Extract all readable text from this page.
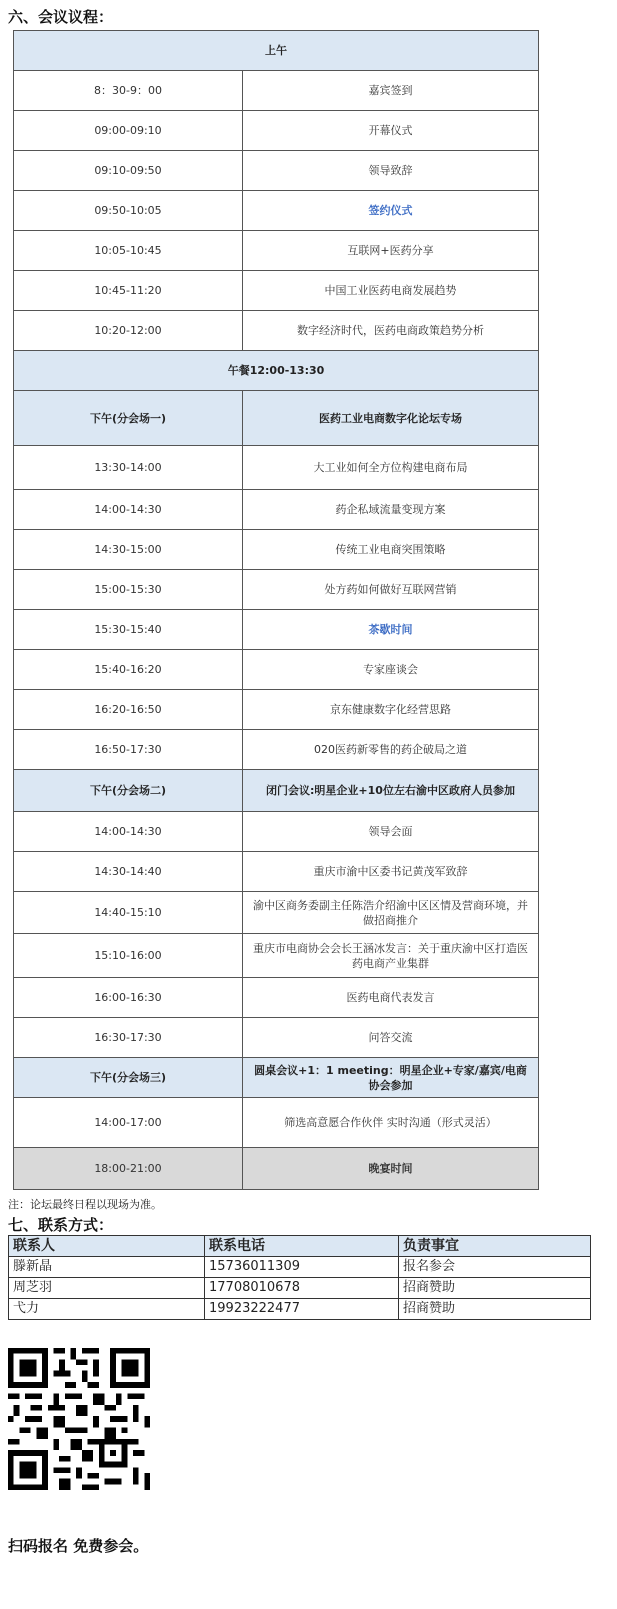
六、会议议程：
上午	
8：30-9：00	嘉宾签到
09:00-09:10	开幕仪式
09:10-09:50	领导致辞
09:50-10:05	签约仪式
10:05-10:45	互联网+医药分享
10:45-11:20	中国工业医药电商发展趋势
10:20-12:00	数字经济时代，医药电商政策趋势分析
午餐12:00-13:30	
下午(分会场一)	医药工业电商数字化论坛专场
13:30-14:00	大工业如何全方位构建电商布局
14:00-14:30	药企私域流量变现方案
14:30-15:00	传统工业电商突围策略
15:00-15:30	处方药如何做好互联网营销
15:30-15:40	茶歇时间
15:40-16:20	专家座谈会
16:20-16:50	京东健康数字化经营思路
16:50-17:30	020医药新零售的药企破局之道
下午(分会场二)	闭门会议:明星企业+10位左右渝中区政府人员参加
14:00-14:30	领导会面
14:30-14:40	重庆市渝中区委书记黄茂军致辞
14:40-15:10	渝中区商务委副主任陈浩介绍渝中区区情及营商环境，并做招商推介
15:10-16:00	重庆市电商协会会长王涵冰发言：关于重庆渝中区打造医药电商产业集群
16:00-16:30	医药电商代表发言
16:30-17:30	问答交流
下午(分会场三)	圆桌会议+1：1 meeting：明星企业+专家/嘉宾/电商协会参加
14:00-17:00	筛选高意愿合作伙伴 实时沟通（形式灵活）
18:00-21:00	晚宴时间
注：论坛最终日程以现场为准。
七、联系方式：
联系人	联系电话	负责事宜
滕新晶	15736011309	报名参会
周芝羽	17708010678	招商赞助
弋力	19923222477	招商赞助
扫码报名 免费参会。
